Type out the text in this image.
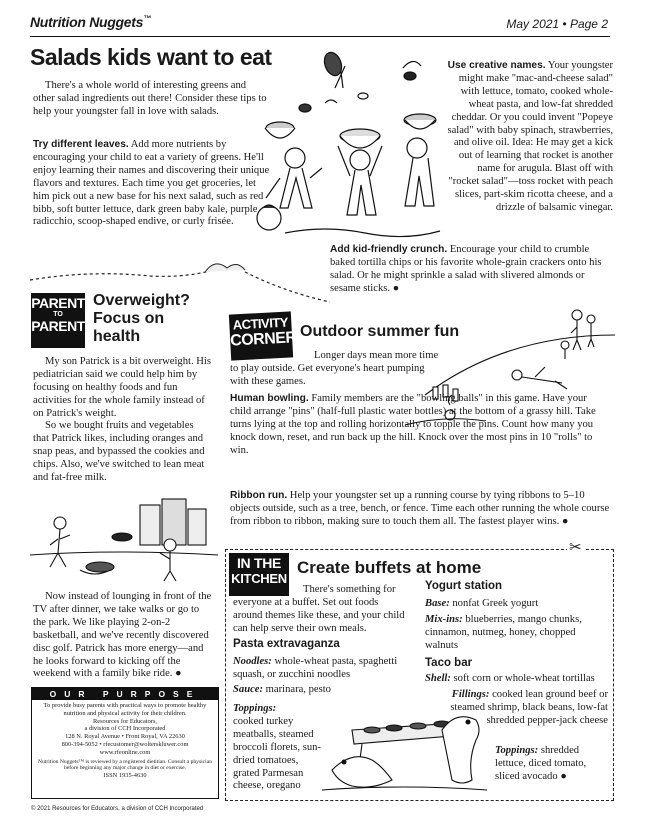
Nutrition Nuggets™	May 2021 • Page 2
Salads kids want to eat

There's a whole world of interesting greens and other salad ingredients out there! Consider these tips to help your youngster fall in love with salads.

Try different leaves. Add more nutrients by encouraging your child to eat a variety of greens. He'll enjoy learning their names and discovering their unique flavors and textures. Each time you get groceries, let him pick out a new base for his next salad, such as red bibb, soft butter lettuce, dark green baby kale, purple radicchio, scoop-shaped endive, or curly frisée.

Use creative names. Your youngster might make "mac-and-cheese salad" with lettuce, tomato, cooked whole-wheat pasta, and low-fat shredded cheddar. Or you could invent "Popeye salad" with baby spinach, strawberries, and olive oil. Idea: He may get a kick out of learning that rocket is another name for arugula. Blast off with "rocket salad"—toss rocket with peach slices, part-skim ricotta cheese, and a drizzle of balsamic vinegar.

Add kid-friendly crunch. Encourage your child to crumble baked tortilla chips or his favorite whole-grain crackers onto his salad. Or he might sprinkle a salad with slivered almonds or sesame sticks. ●

PARENT
TO
PARENT
Overweight? Focus on health

My son Patrick is a bit overweight. His pediatrician said we could help him by focusing on healthy foods and fun activities for the whole family instead of on Patrick's weight.

So we bought fruits and vegetables that Patrick likes, including oranges and snap peas, and bypassed the cookies and chips. Also, we've switched to lean meat and fat-free milk.

Now instead of lounging in front of the TV after dinner, we take walks or go to the park. We like playing 2-on-2 basketball, and we've recently discovered disc golf. Patrick has more energy—and he looks forward to kicking off the weekend with a family bike ride. ●

OUR PURPOSE
To provide busy parents with practical ways to promote healthy nutrition and physical activity for their children.
Resources for Educators,
a division of CCH Incorporated
128 N. Royal Avenue • Front Royal, VA 22630
800-394-5052 • rfecustomer@wolterskluwer.com
www.rfeonline.com
Nutrition Nuggets™ is reviewed by a registered dietitian. Consult a physician before beginning any major change in diet or exercise.
ISSN 1935-4630
© 2021 Resources for Educators, a division of CCH Incorporated
ACTIVITY
CORNER Outdoor summer fun

Longer days mean more time to play outside. Get everyone's heart pumping with these games.

Human bowling. Family members are the "bowling balls" in this game. Have your child arrange "pins" (half-full plastic water bottles) at the bottom of a grassy hill. Take turns lying at the top and rolling horizontally to topple the pins. Count how many you knock down, reset, and run back up the hill. Knock over the most pins in 10 "rolls" to win.

Ribbon run. Help your youngster set up a running course by tying ribbons to 5–10 objects outside, such as a tree, bench, or fence. Time each other running the whole course from ribbon to ribbon, making sure to touch them all. The fastest player wins. ●

✂
IN THE
KITCHEN
Create buffets at home

There's something for everyone at a buffet. Set out foods around themes like these, and your child can help serve their own meals.

Pasta extravaganza

Noodles: whole-wheat pasta, spaghetti squash, or zucchini noodles

Sauce: marinara, pesto

Toppings:
cooked turkey meatballs, steamed broccoli florets, sun-dried tomatoes, grated Parmesan cheese, oregano

Yogurt station

Base: nonfat Greek yogurt

Mix-ins: blueberries, mango chunks, cinnamon, nutmeg, honey, chopped walnuts

Taco bar

Shell: soft corn or whole-wheat tortillas

Fillings: cooked lean ground beef or steamed shrimp, black beans, low-fat shredded pepper-jack cheese

Toppings: shredded lettuce, diced tomato, sliced avocado ●
